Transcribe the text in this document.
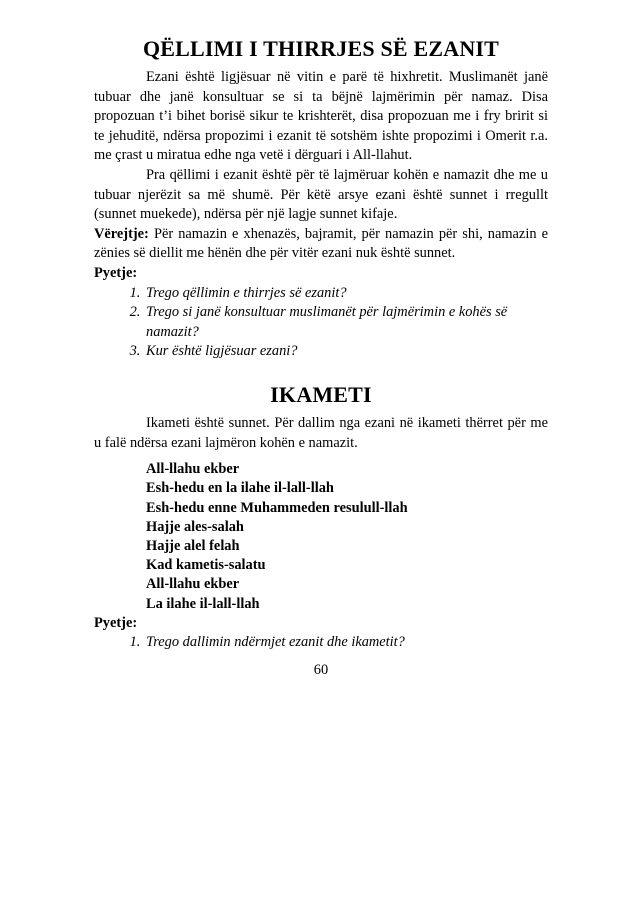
QËLLIMI I THIRRJES SË EZANIT

Ezani është ligjësuar në vitin e parë të hixhretit. Muslimanët janë tubuar dhe janë konsultuar se si ta bëjnë lajmërimin për namaz. Disa propozuan t’i bihet borisë sikur te krishterët, disa propozuan me i fry bririt si te jehuditë, ndërsa propozimi i ezanit të sotshëm ishte propozimi i Omerit r.a. me çrast u miratua edhe nga vetë i dërguari i All-llahut.

Pra qëllimi i ezanit është për të lajmëruar kohën e namazit dhe me u tubuar njerëzit sa më shumë. Për këtë arsye ezani është sunnet i rregullt (sunnet muekede), ndërsa për një lagje sunnet kifaje.

Vërejtje: Për namazin e xhenazës, bajramit, për namazin për shi, namazin e zënies së diellit me hënën dhe për vitër ezani nuk është sunnet.

Pyetje:
1. Trego qëllimin e thirrjes së ezanit?
2. Trego si janë konsultuar muslimanët për lajmërimin e kohës së namazit?
3. Kur është ligjësuar ezani?
IKAMETI

Ikameti është sunnet. Për dallim nga ezani në ikameti thërret për me u falë ndërsa ezani lajmëron kohën e namazit.

All-llahu ekber
Esh-hedu en la ilahe il-lall-llah
Esh-hedu enne Muhammeden resulull-llah
Hajje ales-salah
Hajje alel felah
Kad kametis-salatu
All-llahu ekber
La ilahe il-lall-llah
Pyetje:
1. Trego dallimin ndërmjet ezanit dhe ikametit?
60
